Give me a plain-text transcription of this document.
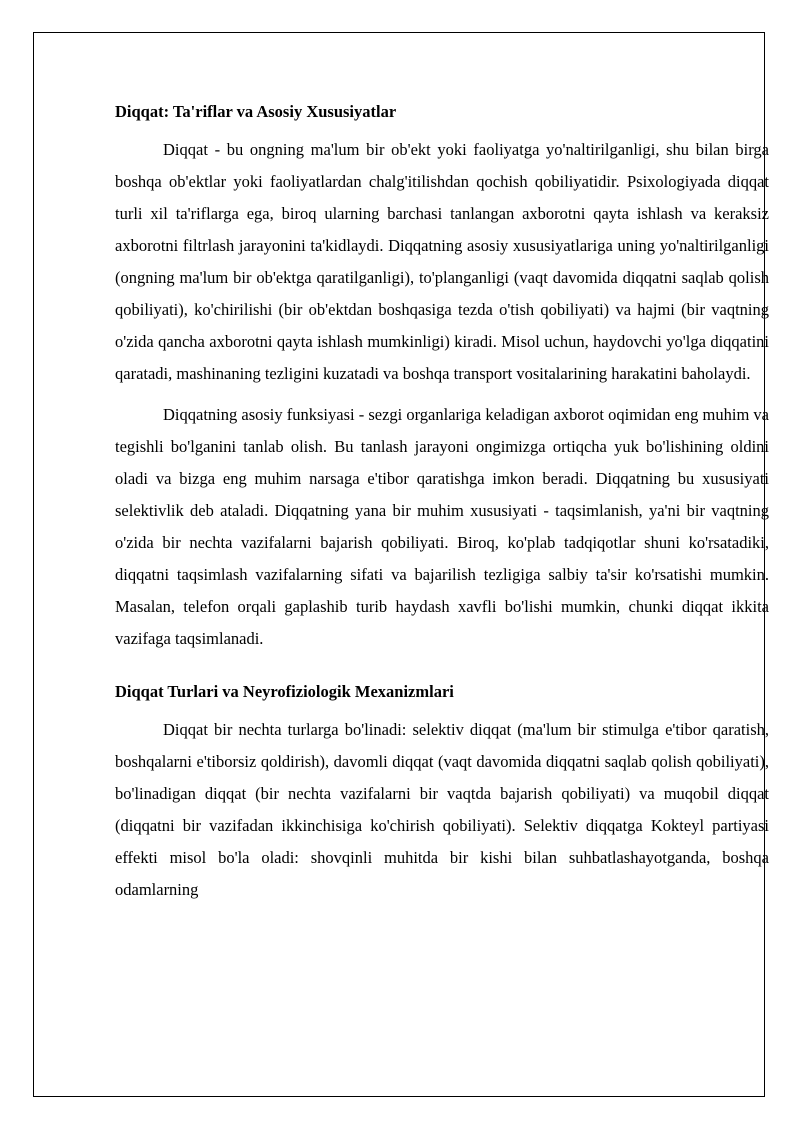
Diqqat: Ta'riflar va Asosiy Xususiyatlar

Diqqat - bu ongning ma'lum bir ob'ekt yoki faoliyatga yo'naltirilganligi, shu bilan birga boshqa ob'ektlar yoki faoliyatlardan chalg'itilishdan qochish qobiliyatidir. Psixologiyada diqqat turli xil ta'riflarga ega, biroq ularning barchasi tanlangan axborotni qayta ishlash va keraksiz axborotni filtrlash jarayonini ta'kidlaydi. Diqqatning asosiy xususiyatlariga uning yo'naltirilganligi (ongning ma'lum bir ob'ektga qaratilganligi), to'planganligi (vaqt davomida diqqatni saqlab qolish qobiliyati), ko'chirilishi (bir ob'ektdan boshqasiga tezda o'tish qobiliyati) va hajmi (bir vaqtning o'zida qancha axborotni qayta ishlash mumkinligi) kiradi. Misol uchun, haydovchi yo'lga diqqatini qaratadi, mashinaning tezligini kuzatadi va boshqa transport vositalarining harakatini baholaydi.

Diqqatning asosiy funksiyasi - sezgi organlariga keladigan axborot oqimidan eng muhim va tegishli bo'lganini tanlab olish. Bu tanlash jarayoni ongimizga ortiqcha yuk bo'lishining oldini oladi va bizga eng muhim narsaga e'tibor qaratishga imkon beradi. Diqqatning bu xususiyati selektivlik deb ataladi. Diqqatning yana bir muhim xususiyati - taqsimlanish, ya'ni bir vaqtning o'zida bir nechta vazifalarni bajarish qobiliyati. Biroq, ko'plab tadqiqotlar shuni ko'rsatadiki, diqqatni taqsimlash vazifalarning sifati va bajarilish tezligiga salbiy ta'sir ko'rsatishi mumkin. Masalan, telefon orqali gaplashib turib haydash xavfli bo'lishi mumkin, chunki diqqat ikkita vazifaga taqsimlanadi.

Diqqat Turlari va Neyrofiziologik Mexanizmlari

Diqqat bir nechta turlarga bo'linadi: selektiv diqqat (ma'lum bir stimulga e'tibor qaratish, boshqalarni e'tiborsiz qoldirish), davomli diqqat (vaqt davomida diqqatni saqlab qolish qobiliyati), bo'linadigan diqqat (bir nechta vazifalarni bir vaqtda bajarish qobiliyati) va muqobil diqqat (diqqatni bir vazifadan ikkinchisiga ko'chirish qobiliyati). Selektiv diqqatga Kokteyl partiyasi effekti misol bo'la oladi: shovqinli muhitda bir kishi bilan suhbatlashayotganda, boshqa odamlarning
